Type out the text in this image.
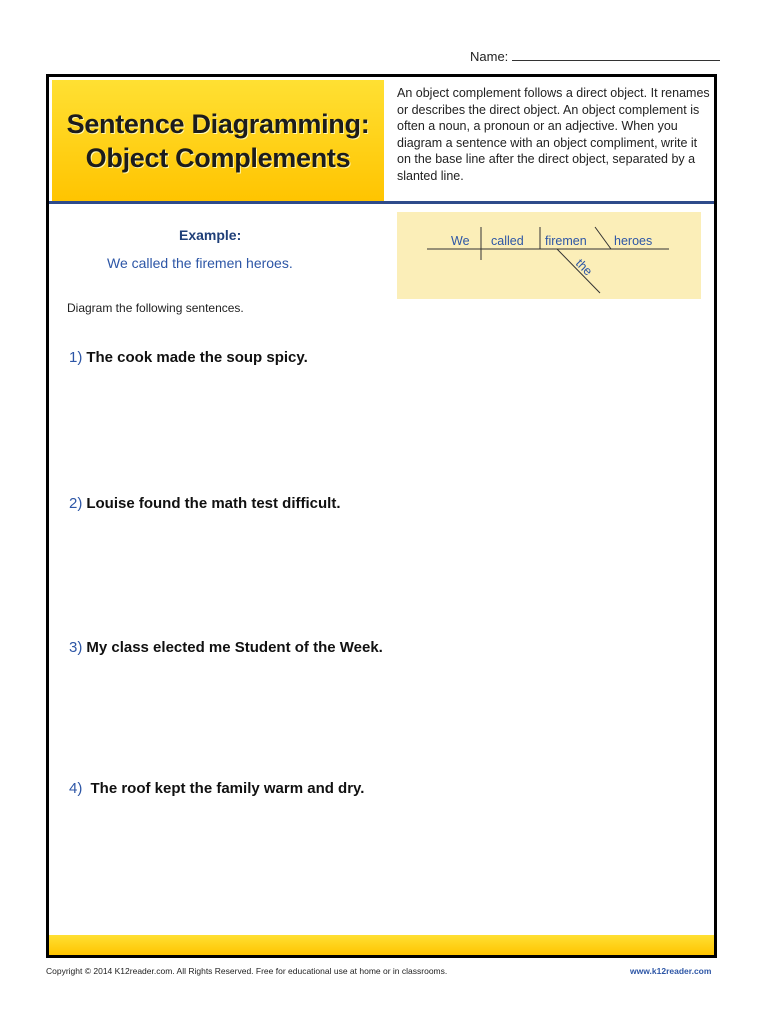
Name:
Sentence Diagramming:
Object Complements

An object complement follows a direct object. It renames or describes the direct object. An object complement is often a noun, a pronoun or an adjective. When you diagram a sentence with an object compliment, write it on the base line after the direct object, separated by a slanted line.

Example:
We called the firemen heroes.
We called firemen heroes
the
Diagram the following sentences.
1) The cook made the soup spicy.
2) Louise found the math test difficult.
3) My class elected me Student of the Week.
4) The roof kept the family warm and dry.
Copyright © 2014 K12reader.com. All Rights Reserved. Free for educational use at home or in classrooms.	www.k12reader.com
